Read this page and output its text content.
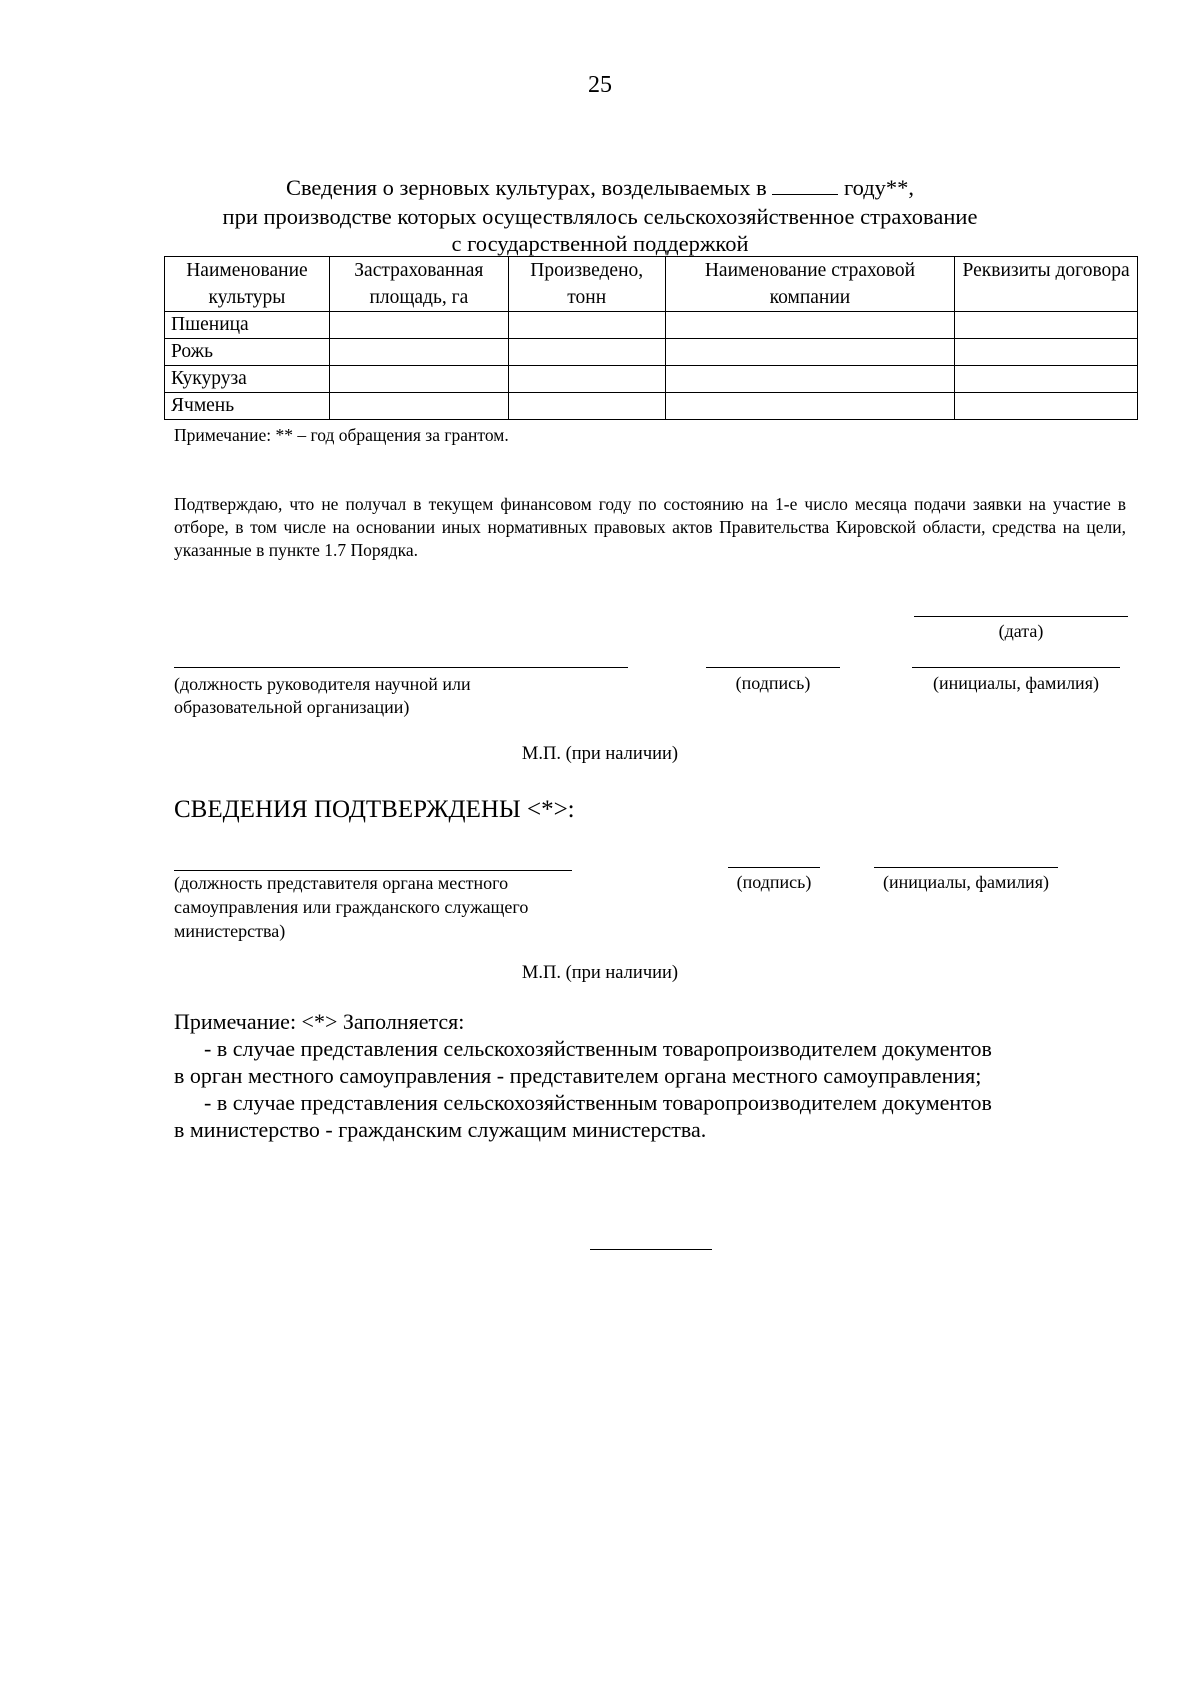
25
Сведения о зерновых культурах, возделываемых в	году**,
при производстве которых осуществлялось сельскохозяйственное страхование
с государственной поддержкой
Наименование культуры	Застрахованная площадь, га	Произведено, тонн	Наименование страховой компании	Реквизиты договора
Пшеница				
Рожь				
Кукуруза				
Ячмень				
Примечание: ** – год обращения за грантом.
Подтверждаю, что не получал в текущем финансовом году по состоянию на 1-е число месяца подачи заявки на участие в отборе, в том числе на основании иных нормативных правовых актов Правительства Кировской области, средства на цели, указанные в пункте 1.7 Порядка.
(дата)
(должность руководителя научной или
образовательной организации)
(подпись)	(инициалы, фамилия)
М.П. (при наличии)
СВЕДЕНИЯ ПОДТВЕРЖДЕНЫ <*>:
(должность представителя органа местного
самоуправления или гражданского служащего
министерства)
(подпись)	(инициалы, фамилия)
М.П. (при наличии)
Примечание: <*> Заполняется:
- в случае представления сельскохозяйственным товаропроизводителем документов
в орган местного самоуправления - представителем органа местного самоуправления;
- в случае представления сельскохозяйственным товаропроизводителем документов
в министерство - гражданским служащим министерства.
